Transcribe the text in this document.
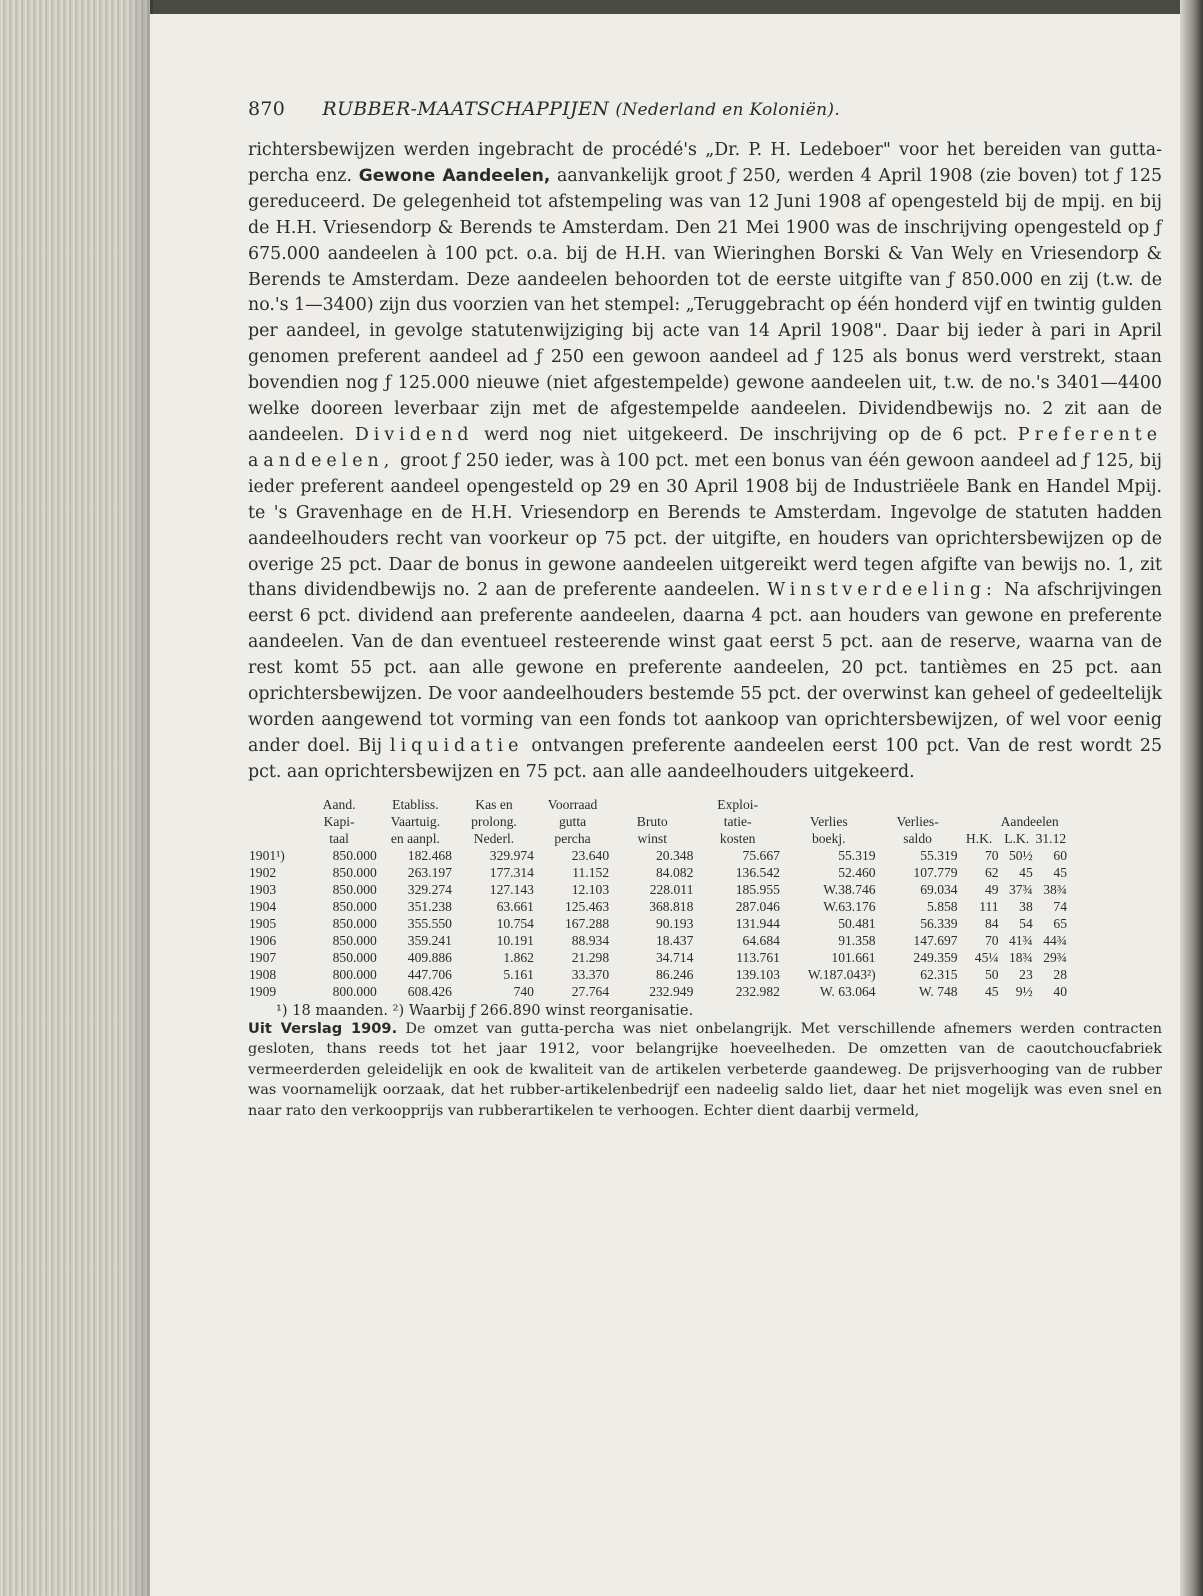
870 RUBBER-MAATSCHAPPIJEN (Nederland en Koloniën).

richtersbewijzen werden ingebracht de procédé's „Dr. P. H. Ledeboer" voor het bereiden van gutta-percha enz. Gewone Aandeelen, aanvankelijk groot ƒ 250, werden 4 April 1908 (zie boven) tot ƒ 125 gereduceerd. De gelegenheid tot afstempeling was van 12 Juni 1908 af opengesteld bij de mpij. en bij de H.H. Vriesendorp & Berends te Amsterdam. Den 21 Mei 1900 was de inschrijving opengesteld op ƒ 675.000 aandeelen à 100 pct. o.a. bij de H.H. van Wieringhen Borski & Van Wely en Vriesendorp & Berends te Amsterdam. Deze aandeelen behoorden tot de eerste uitgifte van ƒ 850.000 en zij (t.w. de no.'s 1—3400) zijn dus voorzien van het stempel: „Teruggebracht op één honderd vijf en twintig gulden per aandeel, in gevolge statutenwijziging bij acte van 14 April 1908". Daar bij ieder à pari in April genomen preferent aandeel ad ƒ 250 een gewoon aandeel ad ƒ 125 als bonus werd verstrekt, staan bovendien nog ƒ 125.000 nieuwe (niet afgestempelde) gewone aandeelen uit, t.w. de no.'s 3401—4400 welke dooreen leverbaar zijn met de afgestempelde aandeelen. Dividendbewijs no. 2 zit aan de aandeelen. Dividend werd nog niet uitgekeerd. De inschrijving op de 6 pct. Preferente aandeelen, groot ƒ 250 ieder, was à 100 pct. met een bonus van één gewoon aandeel ad ƒ 125, bij ieder preferent aandeel opengesteld op 29 en 30 April 1908 bij de Industriëele Bank en Handel Mpij. te 's Gravenhage en de H.H. Vriesendorp en Berends te Amsterdam. Ingevolge de statuten hadden aandeelhouders recht van voorkeur op 75 pct. der uitgifte, en houders van oprichtersbewijzen op de overige 25 pct. Daar de bonus in gewone aandeelen uitgereikt werd tegen afgifte van bewijs no. 1, zit thans dividendbewijs no. 2 aan de preferente aandeelen. Winstverdeeling: Na afschrijvingen eerst 6 pct. dividend aan preferente aandeelen, daarna 4 pct. aan houders van gewone en preferente aandeelen. Van de dan eventueel resteerende winst gaat eerst 5 pct. aan de reserve, waarna van de rest komt 55 pct. aan alle gewone en preferente aandeelen, 20 pct. tantièmes en 25 pct. aan oprichtersbewijzen. De voor aandeelhouders bestemde 55 pct. der overwinst kan geheel of gedeeltelijk worden aangewend tot vorming van een fonds tot aankoop van oprichtersbewijzen, of wel voor eenig ander doel. Bij liquidatie ontvangen preferente aandeelen eerst 100 pct. Van de rest wordt 25 pct. aan oprichtersbewijzen en 75 pct. aan alle aandeelhouders uitgekeerd.

	Aand.	Etabliss.	Kas en	Voorraad		Exploi-					
	Kapi-	Vaartuig.	prolong.	gutta	Bruto	tatie-	Verlies	Verlies-		Aandeelen	
	taal	en aanpl.	Nederl.	percha	winst	kosten	boekj.	saldo	H.K.	L.K.	31.12
1901¹)	850.000	182.468	329.974	23.640	20.348	75.667	55.319	55.319	70	50½	60
1902	850.000	263.197	177.314	11.152	84.082	136.542	52.460	107.779	62	45	45
1903	850.000	329.274	127.143	12.103	228.011	185.955	W.38.746	69.034	49	37¾	38¾
1904	850.000	351.238	63.661	125.463	368.818	287.046	W.63.176	5.858	111	38	74
1905	850.000	355.550	10.754	167.288	90.193	131.944	50.481	56.339	84	54	65
1906	850.000	359.241	10.191	88.934	18.437	64.684	91.358	147.697	70	41¾	44¾
1907	850.000	409.886	1.862	21.298	34.714	113.761	101.661	249.359	45¼	18¾	29¾
1908	800.000	447.706	5.161	33.370	86.246	139.103	W.187.043²)	62.315	50	23	28
1909	800.000	608.426	740	27.764	232.949	232.982	W. 63.064	W. 748	45	9½	40
¹) 18 maanden. ²) Waarbij ƒ 266.890 winst reorganisatie.

Uit Verslag 1909. De omzet van gutta-percha was niet onbelangrijk. Met verschillende afnemers werden contracten gesloten, thans reeds tot het jaar 1912, voor belangrijke hoeveelheden. De omzetten van de caoutchoucfabriek vermeerderden geleidelijk en ook de kwaliteit van de artikelen verbeterde gaandeweg. De prijsverhooging van de rubber was voornamelijk oorzaak, dat het rubber-artikelenbedrijf een nadeelig saldo liet, daar het niet mogelijk was even snel en naar rato den verkoopprijs van rubberartikelen te verhoogen. Echter dient daarbij vermeld,
